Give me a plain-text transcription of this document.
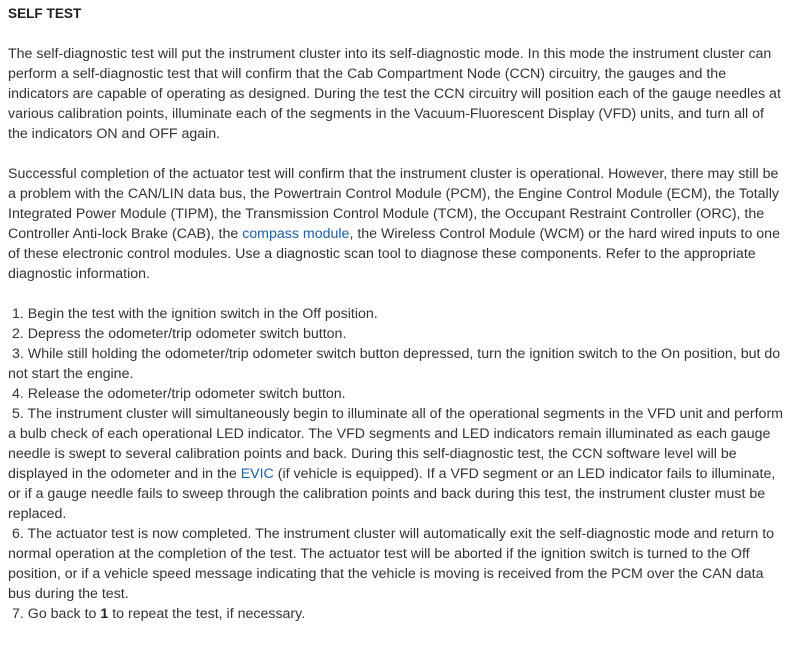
SELF TEST

The self-diagnostic test will put the instrument cluster into its self-diagnostic mode. In this mode the instrument cluster can perform a self-diagnostic test that will confirm that the Cab Compartment Node (CCN) circuitry, the gauges and the indicators are capable of operating as designed. During the test the CCN circuitry will position each of the gauge needles at various calibration points, illuminate each of the segments in the Vacuum-Fluorescent Display (VFD) units, and turn all of the indicators ON and OFF again.

Successful completion of the actuator test will confirm that the instrument cluster is operational. However, there may still be a problem with the CAN/LIN data bus, the Powertrain Control Module (PCM), the Engine Control Module (ECM), the Totally Integrated Power Module (TIPM), the Transmission Control Module (TCM), the Occupant Restraint Controller (ORC), the Controller Anti-lock Brake (CAB), the compass module, the Wireless Control Module (WCM) or the hard wired inputs to one of these electronic control modules. Use a diagnostic scan tool to diagnose these components. Refer to the appropriate diagnostic information.

1. Begin the test with the ignition switch in the Off position.

2. Depress the odometer/trip odometer switch button.

3. While still holding the odometer/trip odometer switch button depressed, turn the ignition switch to the On position, but do not start the engine.

4. Release the odometer/trip odometer switch button.

5. The instrument cluster will simultaneously begin to illuminate all of the operational segments in the VFD unit and perform a bulb check of each operational LED indicator. The VFD segments and LED indicators remain illuminated as each gauge needle is swept to several calibration points and back. During this self-diagnostic test, the CCN software level will be displayed in the odometer and in the EVIC (if vehicle is equipped). If a VFD segment or an LED indicator fails to illuminate, or if a gauge needle fails to sweep through the calibration points and back during this test, the instrument cluster must be replaced.

6. The actuator test is now completed. The instrument cluster will automatically exit the self-diagnostic mode and return to normal operation at the completion of the test. The actuator test will be aborted if the ignition switch is turned to the Off position, or if a vehicle speed message indicating that the vehicle is moving is received from the PCM over the CAN data bus during the test.

7. Go back to 1 to repeat the test, if necessary.
